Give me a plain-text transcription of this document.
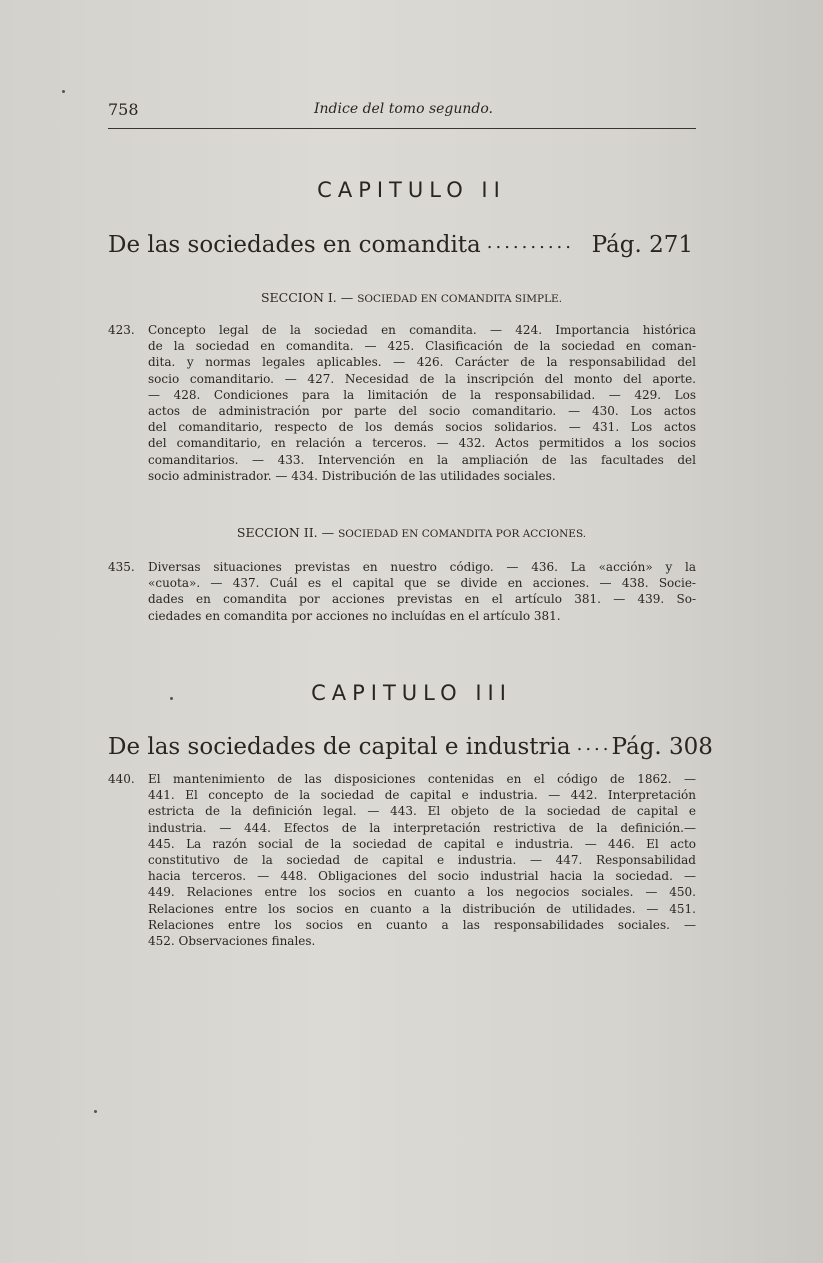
758	Indice del tomo segundo.
CAPITULO II
De las sociedades en comandita .......... Pág. 271
SECCION I. — SOCIEDAD EN COMANDITA SIMPLE.
423. Concepto legal de la sociedad en comandita. — 424. Importancia histórica
de la sociedad en comandita. — 425. Clasificación de la sociedad en coman-
dita. y normas legales aplicables. — 426. Carácter de la responsabilidad del
socio comanditario. — 427. Necesidad de la inscripción del monto del aporte.
— 428. Condiciones para la limitación de la responsabilidad. — 429. Los
actos de administración por parte del socio comanditario. — 430. Los actos
del comanditario, respecto de los demás socios solidarios. — 431. Los actos
del comanditario, en relación a terceros. — 432. Actos permitidos a los socios
comanditarios. — 433. Intervención en la ampliación de las facultades del
socio administrador. — 434. Distribución de las utilidades sociales.
SECCION II. — SOCIEDAD EN COMANDITA POR ACCIONES.
435. Diversas situaciones previstas en nuestro código. — 436. La «acción» y la
«cuota». — 437. Cuál es el capital que se divide en acciones. — 438. Socie-
dades en comandita por acciones previstas en el artículo 381. — 439. So-
ciedades en comandita por acciones no incluídas en el artículo 381.
CAPITULO III
De las sociedades de capital e industria .... Pág. 308
440. El mantenimiento de las disposiciones contenidas en el código de 1862. —
441. El concepto de la sociedad de capital e industria. — 442. Interpretación
estricta de la definición legal. — 443. El objeto de la sociedad de capital e
industria. — 444. Efectos de la interpretación restrictiva de la definición.—
445. La razón social de la sociedad de capital e industria. — 446. El acto
constitutivo de la sociedad de capital e industria. — 447. Responsabilidad
hacia terceros. — 448. Obligaciones del socio industrial hacia la sociedad. —
449. Relaciones entre los socios en cuanto a los negocios sociales. — 450.
Relaciones entre los socios en cuanto a la distribución de utilidades. — 451.
Relaciones entre los socios en cuanto a las responsabilidades sociales. —
452. Observaciones finales.
